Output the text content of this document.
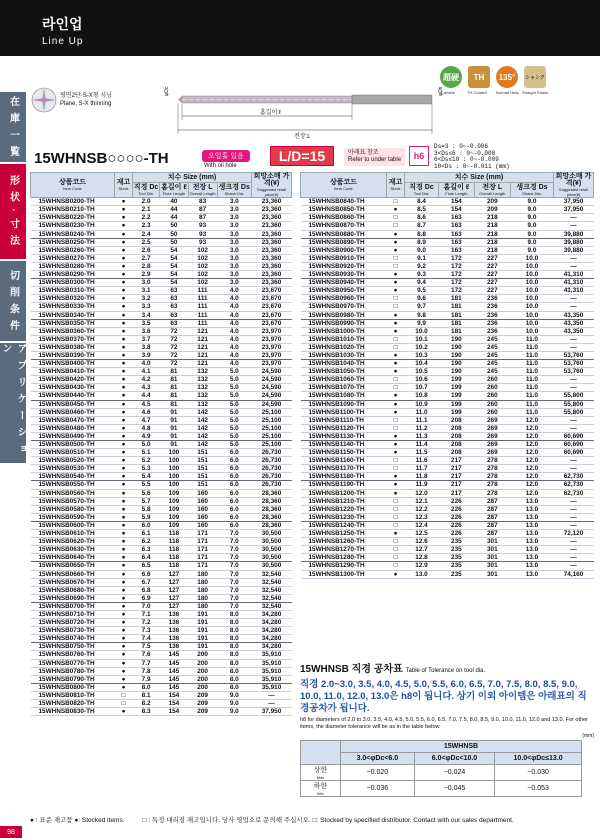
라인업
Line Up
在 庫 一 覧
形 状 · 寸 法
切 削 条 件
ア プ リ ケ ー シ ョ ン
98
홈길이:ℓ
전장:L
φDc	φDs
평면2단·S-X형 시닝
Plane, S-X thinning
超硬	TH	135°	シャンク
Carbide	TH-Coated Normal Helix Straight Shank
15WHNSB○○○○-TH	오일홀 있음
With oil hole
L/D=15	아래표 참조
Refer to under table	h6
Ds=3 : 0~-0.006
3<Ds≤6 : 0~-0.008
6<Ds≤10 : 0~-0.009
10<Ds : 0~-0.011 (mm)
상품코드
Item Code	재고
Stock	치수 Size (mm)				희망소매 가격(¥)
Suggested retail price(¥)

		직경 Dc
Tool Dia.	홈길이 ℓ
Flute Length	전장 L
Overall Length	생크경 Ds
Shank Dia.	

15WHNSB0200-TH	●	2.0	40	83	3.0	23,360
15WHNSB0210-TH	●	2.1	44	87	3.0	23,360
15WHNSB0220-TH	●	2.2	44	87	3.0	23,360
15WHNSB0230-TH	●	2.3	50	93	3.0	23,360
15WHNSB0240-TH	●	2.4	50	93	3.0	23,360
15WHNSB0250-TH	●	2.5	50	93	3.0	23,360
15WHNSB0260-TH	●	2.6	54	102	3.0	23,360
15WHNSB0270-TH	●	2.7	54	102	3.0	23,360
15WHNSB0280-TH	●	2.8	54	102	3.0	23,360
15WHNSB0290-TH	●	2.9	54	102	3.0	23,360
15WHNSB0300-TH	●	3.0	54	102	3.0	23,360
15WHNSB0310-TH	●	3.1	63	111	4.0	23,670
15WHNSB0320-TH	●	3.2	63	111	4.0	23,670
15WHNSB0330-TH	●	3.3	63	111	4.0	23,670
15WHNSB0340-TH	●	3.4	63	111	4.0	23,670
15WHNSB0350-TH	●	3.5	63	111	4.0	23,670
15WHNSB0360-TH	●	3.6	72	121	4.0	23,970
15WHNSB0370-TH	●	3.7	72	121	4.0	23,970
15WHNSB0380-TH	●	3.8	72	121	4.0	23,970
15WHNSB0390-TH	●	3.9	72	121	4.0	23,970
15WHNSB0400-TH	●	4.0	72	121	4.0	23,970
15WHNSB0410-TH	●	4.1	81	132	5.0	24,590
15WHNSB0420-TH	●	4.2	81	132	5.0	24,590
15WHNSB0430-TH	●	4.3	81	132	5.0	24,590
15WHNSB0440-TH	●	4.4	81	132	5.0	24,590
15WHNSB0450-TH	●	4.5	81	132	5.0	24,590
15WHNSB0460-TH	●	4.6	91	142	5.0	25,100
15WHNSB0470-TH	●	4.7	91	142	5.0	25,100
15WHNSB0480-TH	●	4.8	91	142	5.0	25,100
15WHNSB0490-TH	●	4.9	91	142	5.0	25,100
15WHNSB0500-TH	●	5.0	91	142	5.0	25,100
15WHNSB0510-TH	●	5.1	100	151	6.0	26,730
15WHNSB0520-TH	●	5.2	100	151	6.0	26,730
15WHNSB0530-TH	●	5.3	100	151	6.0	26,730
15WHNSB0540-TH	●	5.4	100	151	6.0	26,730
15WHNSB0550-TH	●	5.5	100	151	6.0	26,730
15WHNSB0560-TH	●	5.6	109	160	6.0	28,360
15WHNSB0570-TH	●	5.7	109	160	6.0	28,360
15WHNSB0580-TH	●	5.8	109	160	6.0	28,360
15WHNSB0590-TH	●	5.9	109	160	6.0	28,360
15WHNSB0600-TH	●	6.0	109	160	6.0	28,360
15WHNSB0610-TH	●	6.1	118	171	7.0	30,500
15WHNSB0620-TH	●	6.2	118	171	7.0	30,500
15WHNSB0630-TH	●	6.3	118	171	7.0	30,500
15WHNSB0640-TH	●	6.4	118	171	7.0	30,500
15WHNSB0650-TH	●	6.5	118	171	7.0	30,500
15WHNSB0660-TH	●	6.6	127	180	7.0	32,540
15WHNSB0670-TH	●	6.7	127	180	7.0	32,540
15WHNSB0680-TH	●	6.8	127	180	7.0	32,540
15WHNSB0690-TH	●	6.9	127	180	7.0	32,540
15WHNSB0700-TH	●	7.0	127	180	7.0	32,540
15WHNSB0710-TH	●	7.1	136	191	8.0	34,280
15WHNSB0720-TH	●	7.2	136	191	8.0	34,280
15WHNSB0730-TH	●	7.3	136	191	8.0	34,280
15WHNSB0740-TH	●	7.4	136	191	8.0	34,280
15WHNSB0750-TH	●	7.5	136	191	8.0	34,280
15WHNSB0760-TH	●	7.6	145	200	8.0	35,910
15WHNSB0770-TH	●	7.7	145	200	8.0	35,910
15WHNSB0780-TH	●	7.8	145	200	8.0	35,910
15WHNSB0790-TH	●	7.9	145	200	8.0	35,910
15WHNSB0800-TH	●	8.0	145	200	8.0	35,910
15WHNSB0810-TH	□	8.1	154	209	9.0	—
15WHNSB0820-TH	□	8.2	154	209	9.0	—
15WHNSB0830-TH	●	8.3	154	209	9.0	37,950
상품코드
Item Code	재고
Stock	치수 Size (mm)				희망소매 가격(¥)
Suggested retail price(¥)

		직경 Dc
Tool Dia.	홈길이 ℓ
Flute Length	전장 L
Overall Length	생크경 Ds
Shank Dia.	

15WHNSB0840-TH	□	8.4	154	209	9.0	37,950
15WHNSB0850-TH	●	8.5	154	209	9.0	37,950
15WHNSB0860-TH	□	8.6	163	218	9.0	—
15WHNSB0870-TH	□	8.7	163	218	9.0	—
15WHNSB0880-TH	●	8.8	163	218	9.0	39,880
15WHNSB0890-TH	●	8.9	163	218	9.0	39,880
15WHNSB0900-TH	●	9.0	163	218	9.0	39,880
15WHNSB0910-TH	□	9.1	172	227	10.0	—
15WHNSB0920-TH	□	9.2	172	227	10.0	—
15WHNSB0930-TH	●	9.3	172	227	10.0	41,310
15WHNSB0940-TH	●	9.4	172	227	10.0	41,310
15WHNSB0950-TH	●	9.5	172	227	10.0	41,310
15WHNSB0960-TH	□	9.6	181	236	10.0	—
15WHNSB0970-TH	□	9.7	181	236	10.0	—
15WHNSB0980-TH	●	9.8	181	236	10.0	43,350
15WHNSB0990-TH	●	9.9	181	236	10.0	43,350
15WHNSB1000-TH	●	10.0	181	236	10.0	43,350
15WHNSB1010-TH	□	10.1	190	245	11.0	—
15WHNSB1020-TH	□	10.2	190	245	11.0	—
15WHNSB1030-TH	●	10.3	190	245	11.0	53,760
15WHNSB1040-TH	●	10.4	190	245	11.0	53,760
15WHNSB1050-TH	●	10.5	190	245	11.0	53,760
15WHNSB1060-TH	□	10.6	199	260	11.0	—
15WHNSB1070-TH	□	10.7	199	260	11.0	—
15WHNSB1080-TH	●	10.8	199	260	11.0	55,800
15WHNSB1090-TH	●	10.9	199	260	11.0	55,800
15WHNSB1100-TH	●	11.0	199	260	11.0	55,800
15WHNSB1110-TH	□	11.1	208	269	12.0	—
15WHNSB1120-TH	□	11.2	208	269	12.0	—
15WHNSB1130-TH	●	11.3	208	269	12.0	60,690
15WHNSB1140-TH	●	11.4	208	269	12.0	60,690
15WHNSB1150-TH	●	11.5	208	269	12.0	60,690
15WHNSB1160-TH	□	11.6	217	278	12.0	—
15WHNSB1170-TH	□	11.7	217	278	12.0	—
15WHNSB1180-TH	●	11.8	217	278	12.0	62,730
15WHNSB1190-TH	●	11.9	217	278	12.0	62,730
15WHNSB1200-TH	●	12.0	217	278	12.0	62,730
15WHNSB1210-TH	□	12.1	226	287	13.0	—
15WHNSB1220-TH	□	12.2	226	287	13.0	—
15WHNSB1230-TH	□	12.3	226	287	13.0	—
15WHNSB1240-TH	□	12.4	226	287	13.0	—
15WHNSB1250-TH	●	12.5	226	287	13.0	72,120
15WHNSB1260-TH	□	12.6	235	301	13.0	—
15WHNSB1270-TH	□	12.7	235	301	13.0	—
15WHNSB1280-TH	□	12.8	235	301	13.0	—
15WHNSB1290-TH	□	12.9	235	301	13.0	—
15WHNSB1300-TH	●	13.0	235	301	13.0	74,160
15WHNSB 직경 공차표 Table of Tolerance on tool dia.
직경 2.0~3.0, 3.5, 4.0, 4.5, 5.0, 5.5, 6.0, 6.5, 7.0, 7.5, 8.0, 8.5, 9.0, 10.0, 11.0, 12.0, 13.0은 h8이 됩니다. 상기 이외 아이템은 아래표의 직경공차가 됩니다.
h8 for diameters of 2.0 to 3.0, 3.5, 4.0, 4.5, 5.0, 5.5, 6.0, 6.5, 7.0, 7.5, 8.0, 8.5, 9.0, 10.0, 11.0, 12.0 and 13.0. For other items, the diameter tolerance will be as in the table below.
(mm)
	15WHNSB		
	3.0<φDc<6.0	6.0<φDc<10.0	10.0<φDc≤13.0
상한
Max	−0.020	−0.024	−0.030
하한
Min	−0.036	−0.045	−0.053
● : 표준 재고품 ●: Stocked items.	□ : 특정 대리점 재고입니다. 당사 영업소로 문의해 주십시오. □: Stocked by specified distributor. Contact with our sales department.
